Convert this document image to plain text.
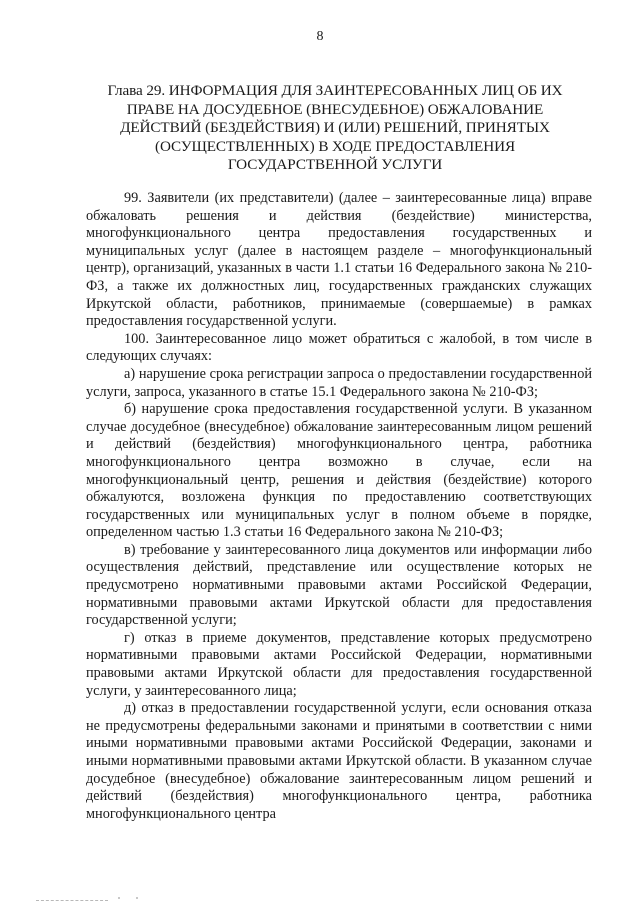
8
Глава 29. ИНФОРМАЦИЯ ДЛЯ ЗАИНТЕРЕСОВАННЫХ ЛИЦ ОБ ИХ
ПРАВЕ НА ДОСУДЕБНОЕ (ВНЕСУДЕБНОЕ) ОБЖАЛОВАНИЕ
ДЕЙСТВИЙ (БЕЗДЕЙСТВИЯ) И (ИЛИ) РЕШЕНИЙ, ПРИНЯТЫХ
(ОСУЩЕСТВЛЕННЫХ) В ХОДЕ ПРЕДОСТАВЛЕНИЯ
ГОСУДАРСТВЕННОЙ УСЛУГИ

99. Заявители (их представители) (далее – заинтересованные лица) вправе обжаловать решения и действия (бездействие) министерства, многофункционального центра предоставления государственных и муниципальных услуг (далее в настоящем разделе – многофункциональный центр), организаций, указанных в части 1.1 статьи 16 Федерального закона № 210-ФЗ, а также их должностных лиц, государственных гражданских служащих Иркутской области, работников, принимаемые (совершаемые) в рамках предоставления государственной услуги.

100. Заинтересованное лицо может обратиться с жалобой, в том числе в следующих случаях:

а) нарушение срока регистрации запроса о предоставлении государственной услуги, запроса, указанного в статье 15.1 Федерального закона № 210-ФЗ;

б) нарушение срока предоставления государственной услуги. В указанном случае досудебное (внесудебное) обжалование заинтересованным лицом решений и действий (бездействия) многофункционального центра, работника многофункционального центра возможно в случае, если на многофункциональный центр, решения и действия (бездействие) которого обжалуются, возложена функция по предоставлению соответствующих государственных или муниципальных услуг в полном объеме в порядке, определенном частью 1.3 статьи 16 Федерального закона № 210-ФЗ;

в) требование у заинтересованного лица документов или информации либо осуществления действий, представление или осуществление которых не предусмотрено нормативными правовыми актами Российской Федерации, нормативными правовыми актами Иркутской области для предоставления государственной услуги;

г) отказ в приеме документов, представление которых предусмотрено нормативными правовыми актами Российской Федерации, нормативными правовыми актами Иркутской области для предоставления государственной услуги, у заинтересованного лица;

д) отказ в предоставлении государственной услуги, если основания отказа не предусмотрены федеральными законами и принятыми в соответствии с ними иными нормативными правовыми актами Российской Федерации, законами и иными нормативными правовыми актами Иркутской области. В указанном случае досудебное (внесудебное) обжалование заинтересованным лицом решений и действий (бездействия) многофункционального центра, работника многофункционального центра
